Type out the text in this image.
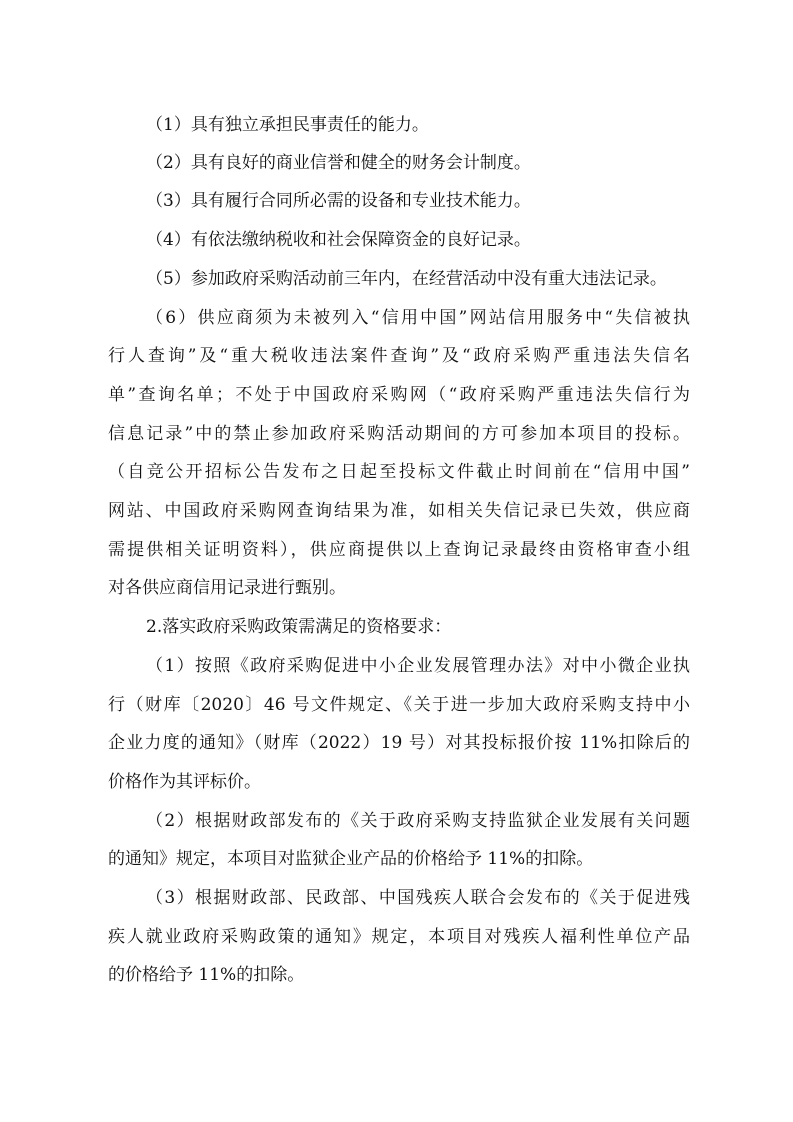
（1）具有独立承担民事责任的能力。
（2）具有良好的商业信誉和健全的财务会计制度。
（3）具有履行合同所必需的设备和专业技术能力。
（4）有依法缴纳税收和社会保障资金的良好记录。
（5）参加政府采购活动前三年内，在经营活动中没有重大违法记录。
（6）供应商须为未被列入“信用中国”网站信用服务中“失信被执
行人查询”及“重大税收违法案件查询”及“政府采购严重违法失信名
单”查询名单；不处于中国政府采购网（“政府采购严重违法失信行为
信息记录”中的禁止参加政府采购活动期间的方可参加本项目的投标。
（自竞公开招标公告发布之日起至投标文件截止时间前在“信用中国”
网站、中国政府采购网查询结果为准，如相关失信记录已失效，供应商
需提供相关证明资料），供应商提供以上查询记录最终由资格审查小组
对各供应商信用记录进行甄别。
2.落实政府采购政策需满足的资格要求：
（1）按照《政府采购促进中小企业发展管理办法》对中小微企业执
行（财库〔2020〕46 号文件规定、《关于进一步加大政府采购支持中小
企业力度的通知》（财库（2022）19 号）对其投标报价按 11%扣除后的
价格作为其评标价。
（2）根据财政部发布的《关于政府采购支持监狱企业发展有关问题
的通知》规定，本项目对监狱企业产品的价格给予 11%的扣除。
（3）根据财政部、民政部、中国残疾人联合会发布的《关于促进残
疾人就业政府采购政策的通知》规定，本项目对残疾人福利性单位产品
的价格给予 11%的扣除。
